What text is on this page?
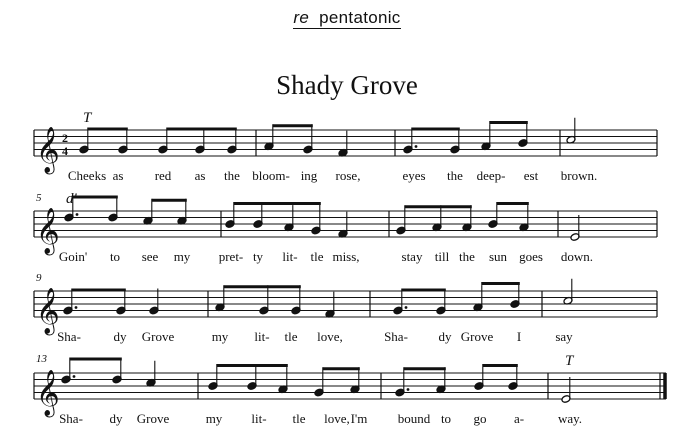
re pentatonic
Shady Grove
𝄞 2
4
T
Cheeks as red as the bloom- ing rose,	eyes the deep- est brown.
𝄞
5 d'
Goin' to see my pret- ty lit- tle miss,	stay till the sun goes down.
𝄞
9
Sha-	dy Grove	my lit- tle love,	Sha- dy Grove I	say
𝄞
13	T
Sha- dy Grove	my lit- tle love, I'm bound to go a-	way.
